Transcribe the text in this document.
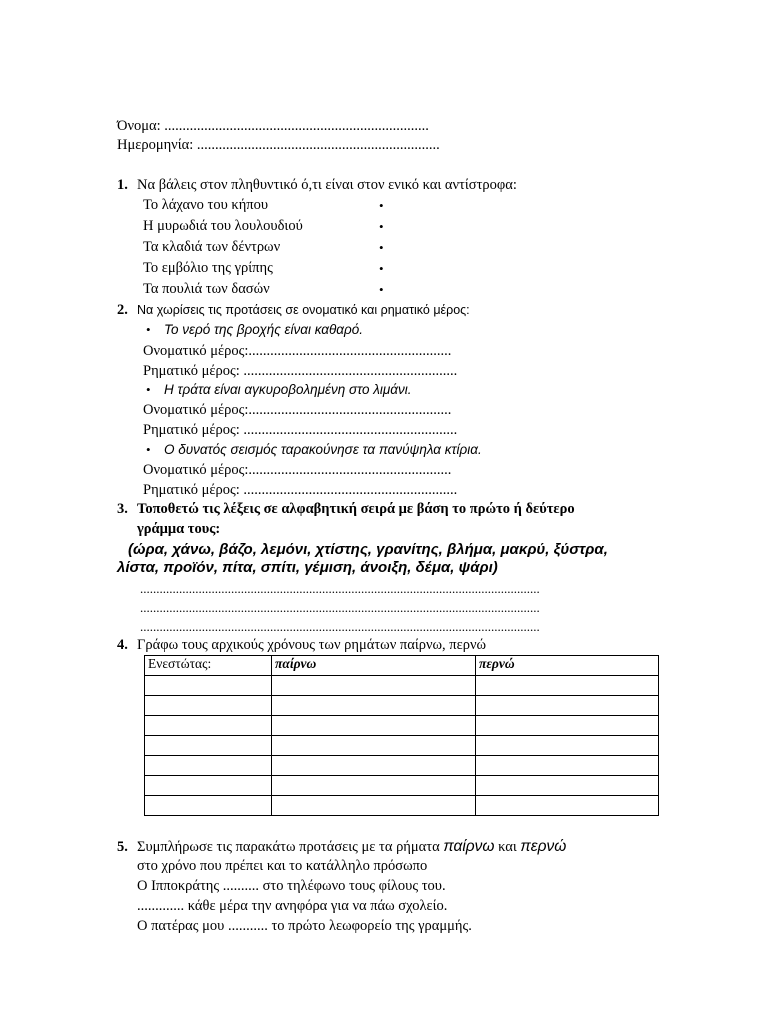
Όνομα: .........................................................................
Ημερομηνία: ...................................................................
1. Να βάλεις στον πληθυντικό ό,τι είναι στον ενικό και αντίστροφα:
Το λάχανο του κήπου	•
Η μυρωδιά του λουλουδιού	•
Τα κλαδιά των δέντρων	•
Το εμβόλιο της γρίπης	•
Τα πουλιά των δασών	•
2. Να χωρίσεις τις προτάσεις σε ονοματικό και ρηματικό μέρος:
• Το νερό της βροχής είναι καθαρό.
Ονοματικό μέρος:........................................................
Ρηματικό μέρος: ...........................................................
• Η τράτα είναι αγκυροβολημένη στο λιμάνι.
Ονοματικό μέρος:........................................................
Ρηματικό μέρος: ...........................................................
• Ο δυνατός σεισμός ταρακούνησε τα πανύψηλα κτίρια.
Ονοματικό μέρος:........................................................
Ρηματικό μέρος: ...........................................................
3. Τοποθετώ τις λέξεις σε αλφαβητική σειρά με βάση το πρώτο ή δεύτερο
γράμμα τους:
(ώρα, χάνω, βάζο, λεμόνι, χτίστης, γρανίτης, βλήμα, μακρύ, ξύστρα,
λίστα, προϊόν, πίτα, σπίτι, γέμιση, άνοιξη, δέμα, ψάρι)
...........................................................................................................................
...........................................................................................................................
...........................................................................................................................
4. Γράφω τους αρχικούς χρόνους των ρημάτων παίρνω, περνώ
Ενεστώτας:	παίρνω	περνώ

5. Συμπλήρωσε τις παρακάτω προτάσεις με τα ρήματα παίρνω και περνώ
στο χρόνο που πρέπει και το κατάλληλο πρόσωπο
Ο Ιπποκράτης .......... στο τηλέφωνο τους φίλους του.
............. κάθε μέρα την ανηφόρα για να πάω σχολείο.
Ο πατέρας μου ........... το πρώτο λεωφορείο της γραμμής.
